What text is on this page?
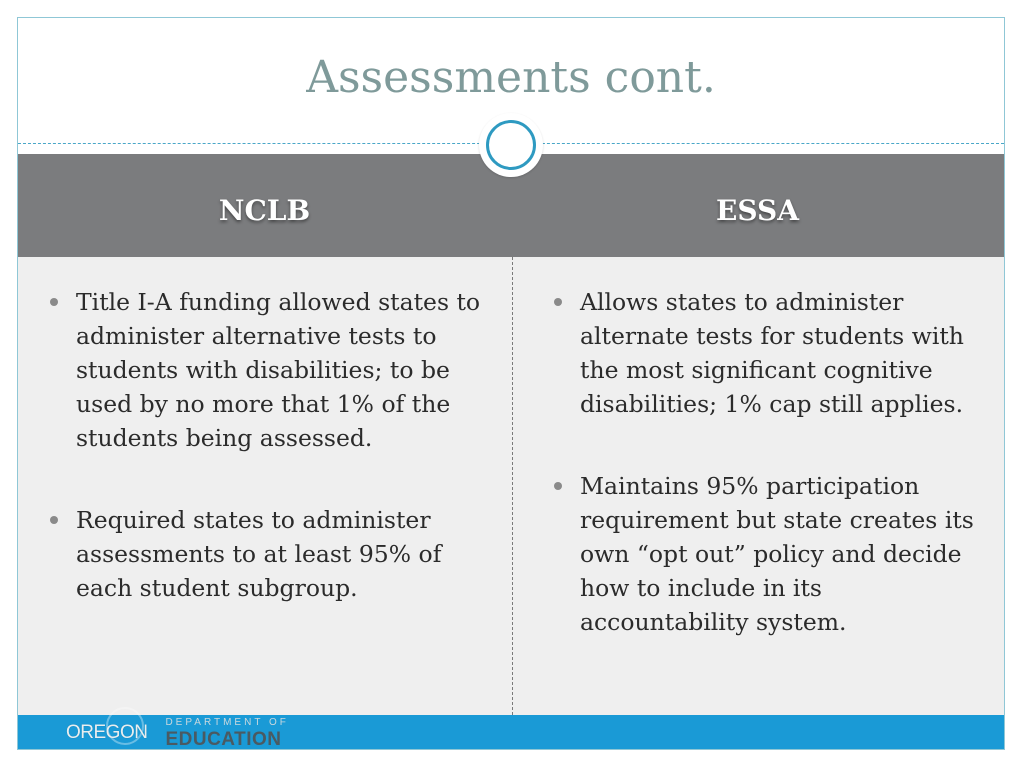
Assessments cont.
NCLB	ESSA
Title I-A funding allowed states to administer alternative tests to students with disabilities; to be used by no more that 1% of the students being assessed.
Required states to administer assessments to at least 95% of each student subgroup.
Allows states to administer alternate tests for students with the most significant cognitive disabilities; 1% cap still applies.
Maintains 95% participation requirement but state creates its own “opt out” policy and decide how to include in its accountability system.
OREGON DEPARTMENT OF
EDUCATION
